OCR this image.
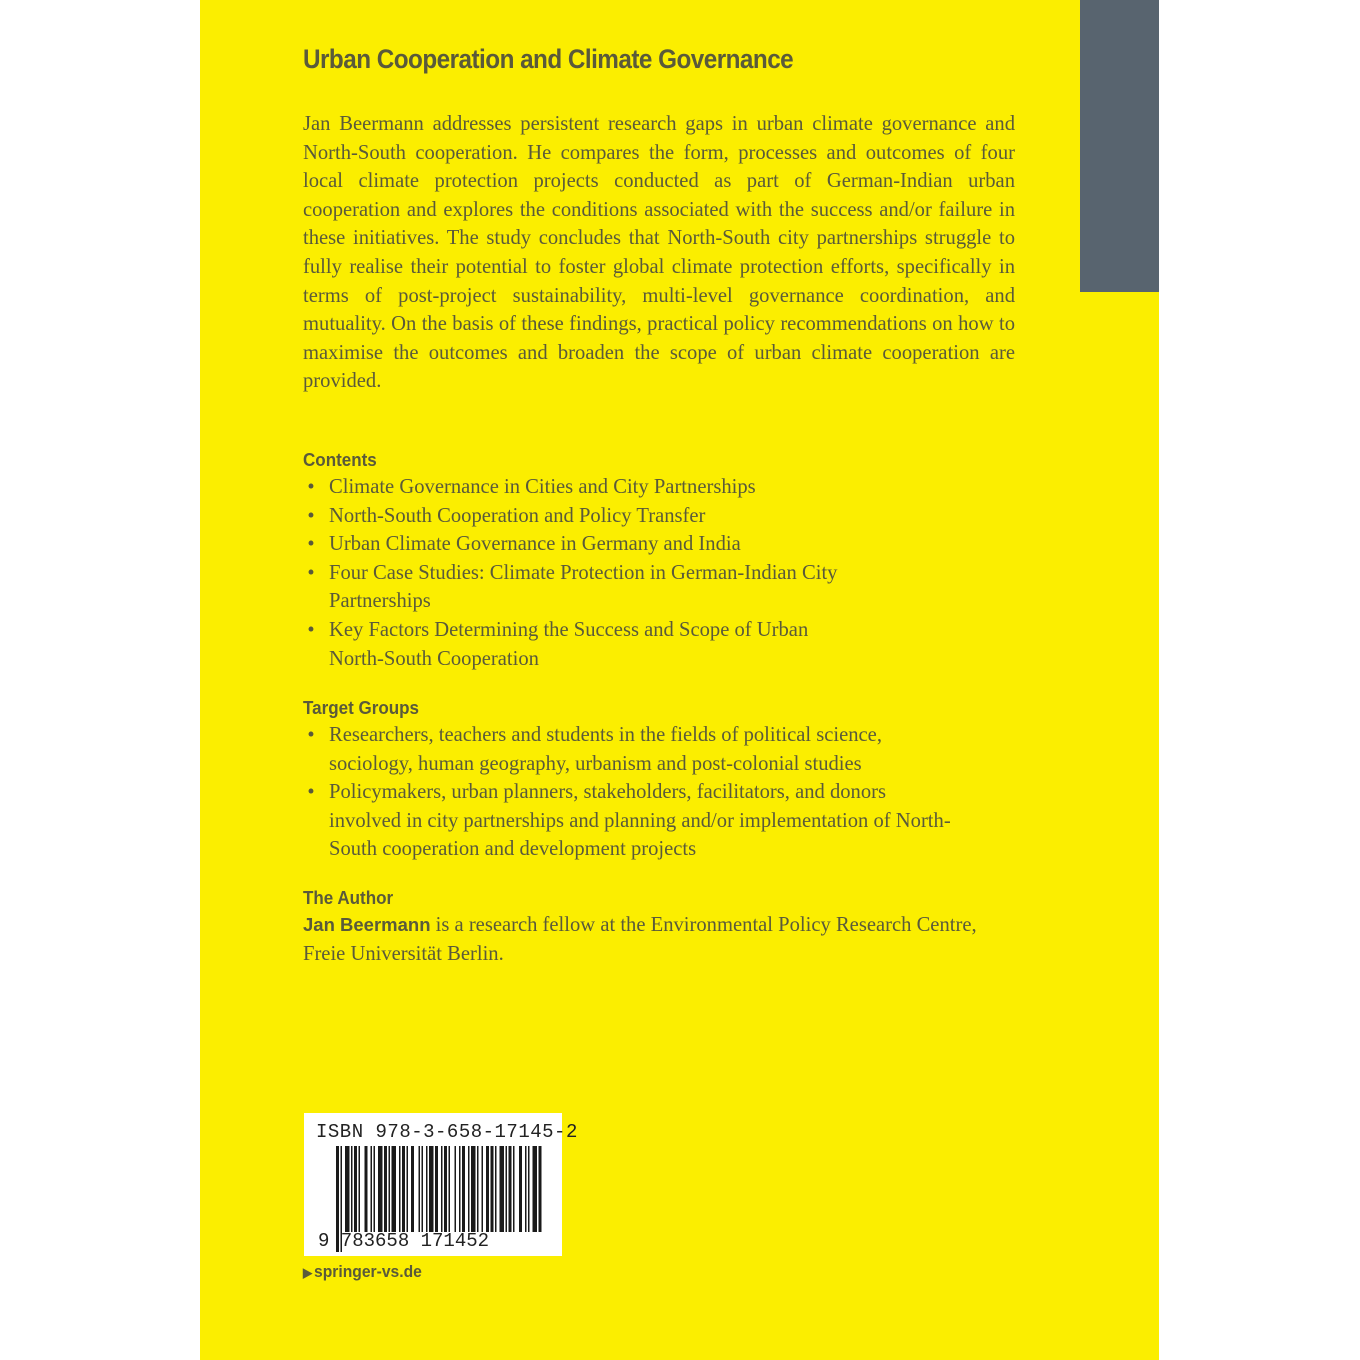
Urban Cooperation and Climate Governance

Jan Beermann addresses persistent research gaps in urban climate governance and North-South cooperation. He compares the form, processes and outcomes of four local climate protection projects conducted as part of German-Indian urban cooperation and explores the conditions associated with the success and/or failure in these initiatives. The study concludes that North-South city partnerships struggle to fully realise their potential to foster global climate protection efforts, specifically in terms of post-project sustainability, multi-level governance coordination, and mutuality. On the basis of these findings, practical policy recommendations on how to maximise the outcomes and broaden the scope of urban climate cooperation are provided.

Contents
• Climate Governance in Cities and City Partnerships
• North-South Cooperation and Policy Transfer
• Urban Climate Governance in Germany and India
• Four Case Studies: Climate Protection in German-Indian City Partnerships
• Key Factors Determining the Success and Scope of Urban North-South Cooperation
Target Groups
• Researchers, teachers and students in the fields of political science, sociology, human geography, urbanism and post-colonial studies
• Policymakers, urban planners, stakeholders, facilitators, and donors involved in city partnerships and planning and/or implementation of North-South cooperation and development projects
The Author

Jan Beermann is a research fellow at the Environmental Policy Research Centre, Freie Universität Berlin.

ISBN 978-3-658-17145-2
9 783658 171452
▶ springer-vs.de
